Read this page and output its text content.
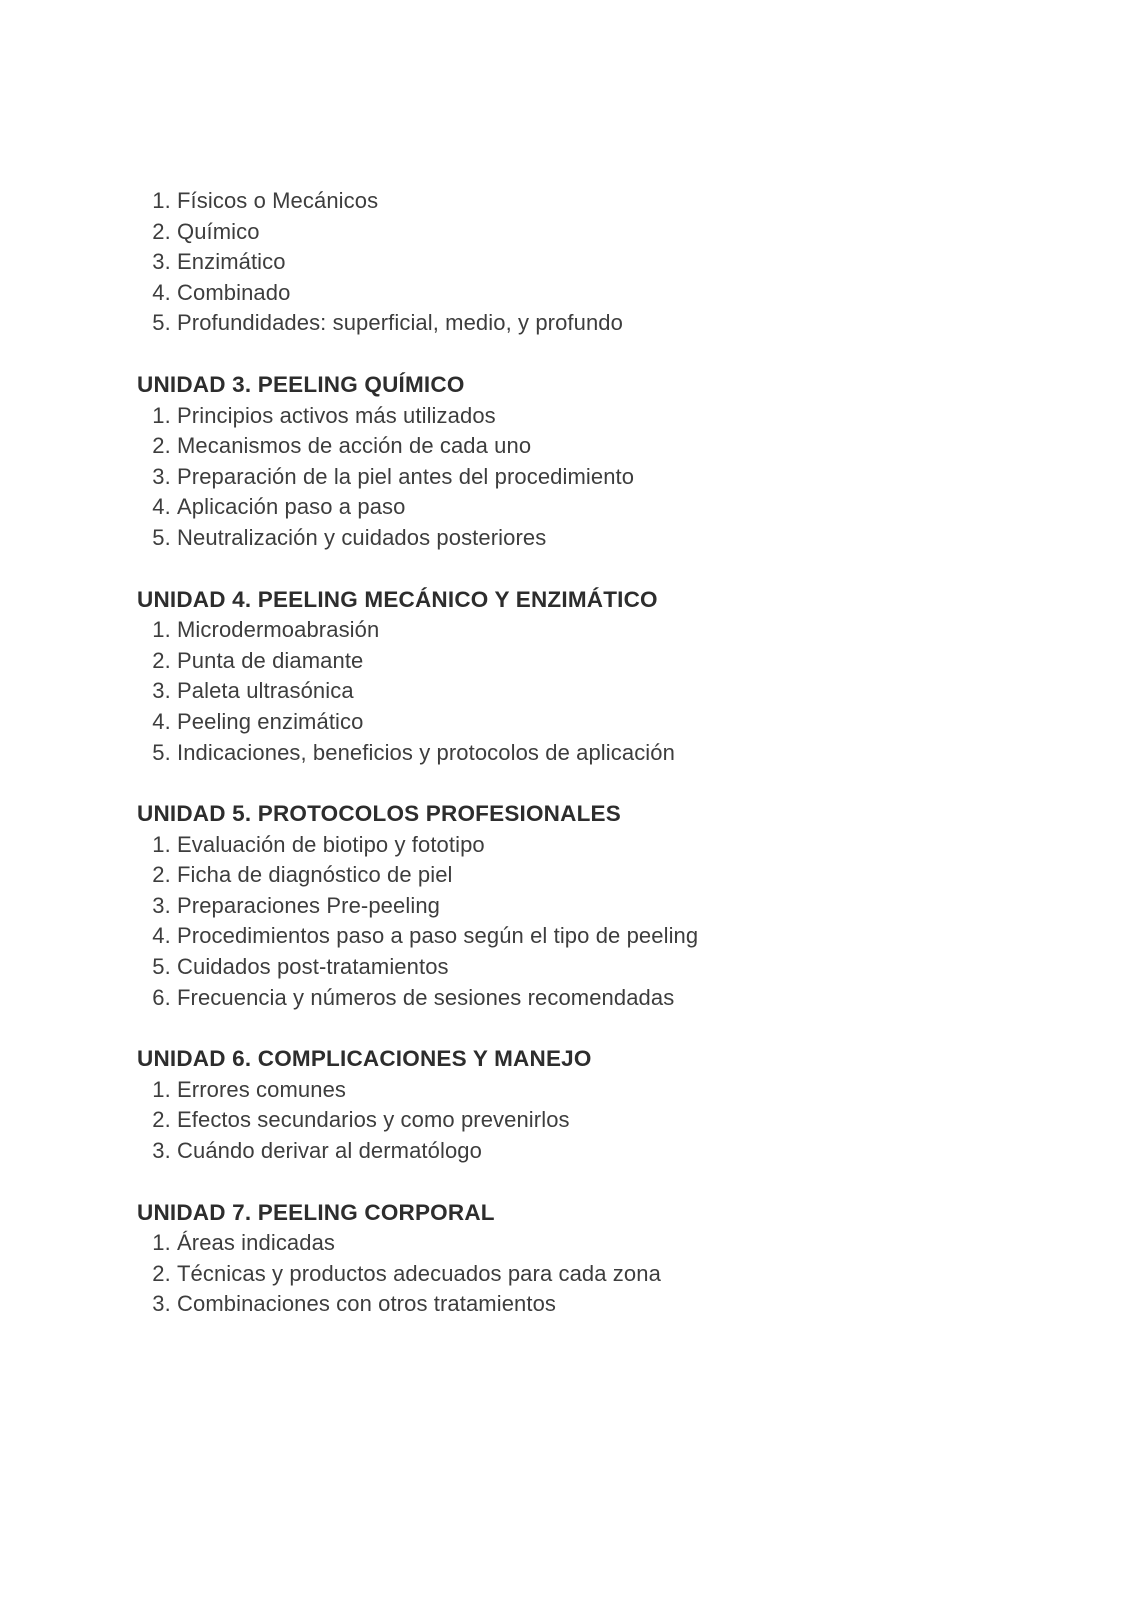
1. Físicos o Mecánicos
2. Químico
3. Enzimático
4. Combinado
5. Profundidades: superficial, medio, y profundo
UNIDAD 3. PEELING QUÍMICO
1. Principios activos más utilizados
2. Mecanismos de acción de cada uno
3. Preparación de la piel antes del procedimiento
4. Aplicación paso a paso
5. Neutralización y cuidados posteriores
UNIDAD 4. PEELING MECÁNICO Y ENZIMÁTICO
1. Microdermoabrasión
2. Punta de diamante
3. Paleta ultrasónica
4. Peeling enzimático
5. Indicaciones, beneficios y protocolos de aplicación
UNIDAD 5. PROTOCOLOS PROFESIONALES
1. Evaluación de biotipo y fototipo
2. Ficha de diagnóstico de piel
3. Preparaciones Pre-peeling
4. Procedimientos paso a paso según el tipo de peeling
5. Cuidados post-tratamientos
6. Frecuencia y números de sesiones recomendadas
UNIDAD 6. COMPLICACIONES Y MANEJO
1. Errores comunes
2. Efectos secundarios y como prevenirlos
3. Cuándo derivar al dermatólogo
UNIDAD 7. PEELING CORPORAL
1. Áreas indicadas
2. Técnicas y productos adecuados para cada zona
3. Combinaciones con otros tratamientos
